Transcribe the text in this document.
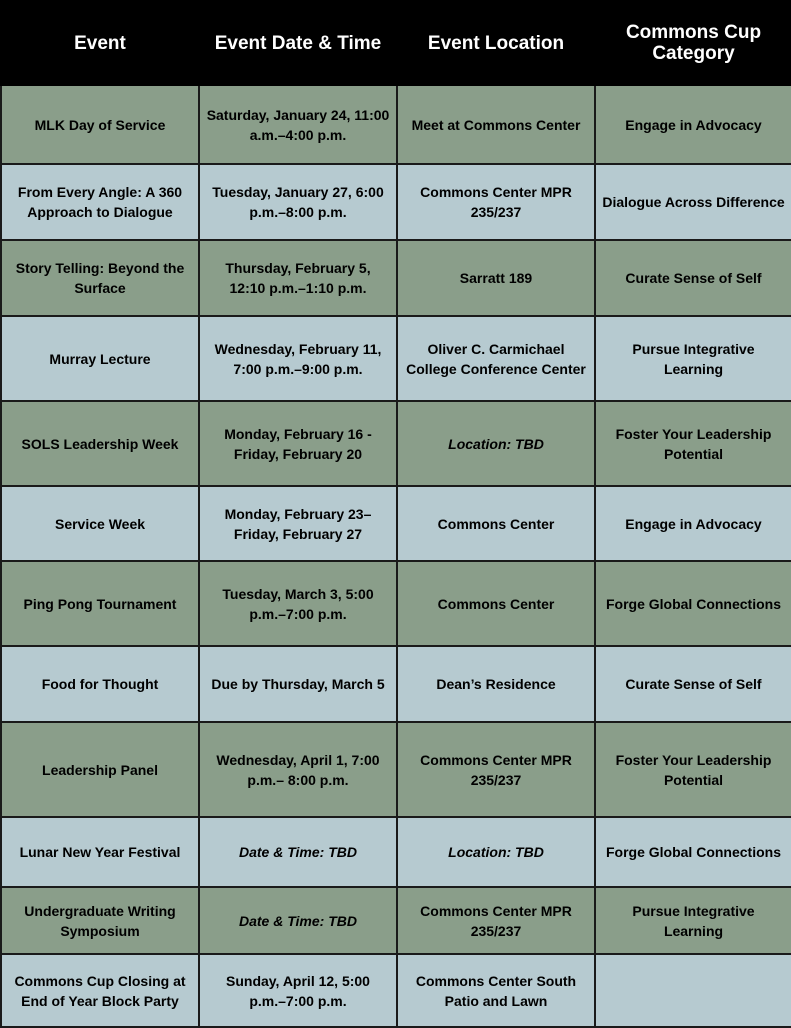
Event	Event Date & Time	Event Location	Commons Cup Category
MLK Day of Service	Saturday, January 24, 11:00 a.m.–4:00 p.m.	Meet at Commons Center	Engage in Advocacy
From Every Angle: A 360 Approach to Dialogue	Tuesday, January 27, 6:00 p.m.–8:00 p.m.	Commons Center MPR 235/237	Dialogue Across Difference
Story Telling: Beyond the Surface	Thursday, February 5, 12:10 p.m.–1:10 p.m.	Sarratt 189	Curate Sense of Self
Murray Lecture	Wednesday, February 11, 7:00 p.m.–9:00 p.m.	Oliver C. Carmichael College Conference Center	Pursue Integrative Learning
SOLS Leadership Week	Monday, February 16 - Friday, February 20	Location: TBD	Foster Your Leadership Potential
Service Week	Monday, February 23–Friday, February 27	Commons Center	Engage in Advocacy
Ping Pong Tournament	Tuesday, March 3, 5:00 p.m.–7:00 p.m.	Commons Center	Forge Global Connections
Food for Thought	Due by Thursday, March 5	Dean’s Residence	Curate Sense of Self
Leadership Panel	Wednesday, April 1, 7:00 p.m.– 8:00 p.m.	Commons Center MPR 235/237	Foster Your Leadership Potential
Lunar New Year Festival	Date & Time: TBD	Location: TBD	Forge Global Connections
Undergraduate Writing Symposium	Date & Time: TBD	Commons Center MPR 235/237	Pursue Integrative Learning
Commons Cup Closing at End of Year Block Party	Sunday, April 12, 5:00 p.m.–7:00 p.m.	Commons Center South Patio and Lawn	
